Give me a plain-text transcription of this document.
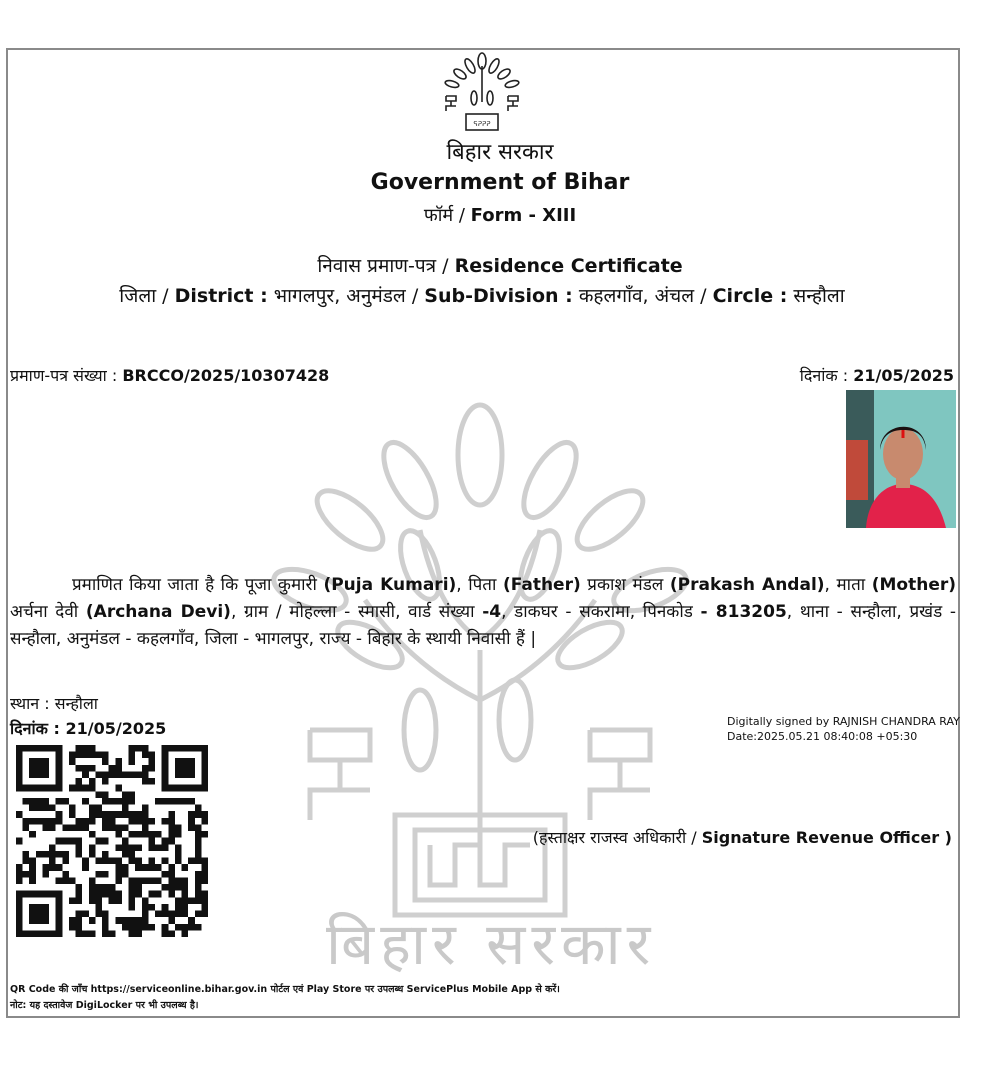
बिहार सरकार
ᕋᕈᕈᕈ
बिहार सरकार
Government of Bihar
फॉर्म / Form - XIII
निवास प्रमाण-पत्र / Residence Certificate
जिला / District : भागलपुर, अनुमंडल / Sub-Division : कहलगाँव, अंचल / Circle : सन्हौला
प्रमाण-पत्र संख्या : BRCCO/2025/10307428	दिनांक : 21/05/2025

प्रमाणित किया जाता है कि पूजा कुमारी (Puja Kumari), पिता (Father) प्रकाश मंडल (Prakash Andal), माता (Mother) अर्चना देवी (Archana Devi), ग्राम / मोहल्ला - स्मासी, वार्ड संख्या -4, डाकघर - सकरामा, पिनकोड - 813205, थाना - सन्हौला, प्रखंड - सन्हौला, अनुमंडल - कहलगाँव, जिला - भागलपुर, राज्य - बिहार के स्थायी निवासी हैं |

स्थान : सन्हौला
दिनांक : 21/05/2025	Digitally signed by RAJNISH CHANDRA RAY
Date:2025.05.21 08:40:08 +05:30
(हस्ताक्षर राजस्व अधिकारी / Signature Revenue Officer )
QR Code की जाँच https://serviceonline.bihar.gov.in पोर्टल एवं Play Store पर उपलब्ध ServicePlus Mobile App से करें।
नोट: यह दस्तावेज DigiLocker पर भी उपलब्ध है।
